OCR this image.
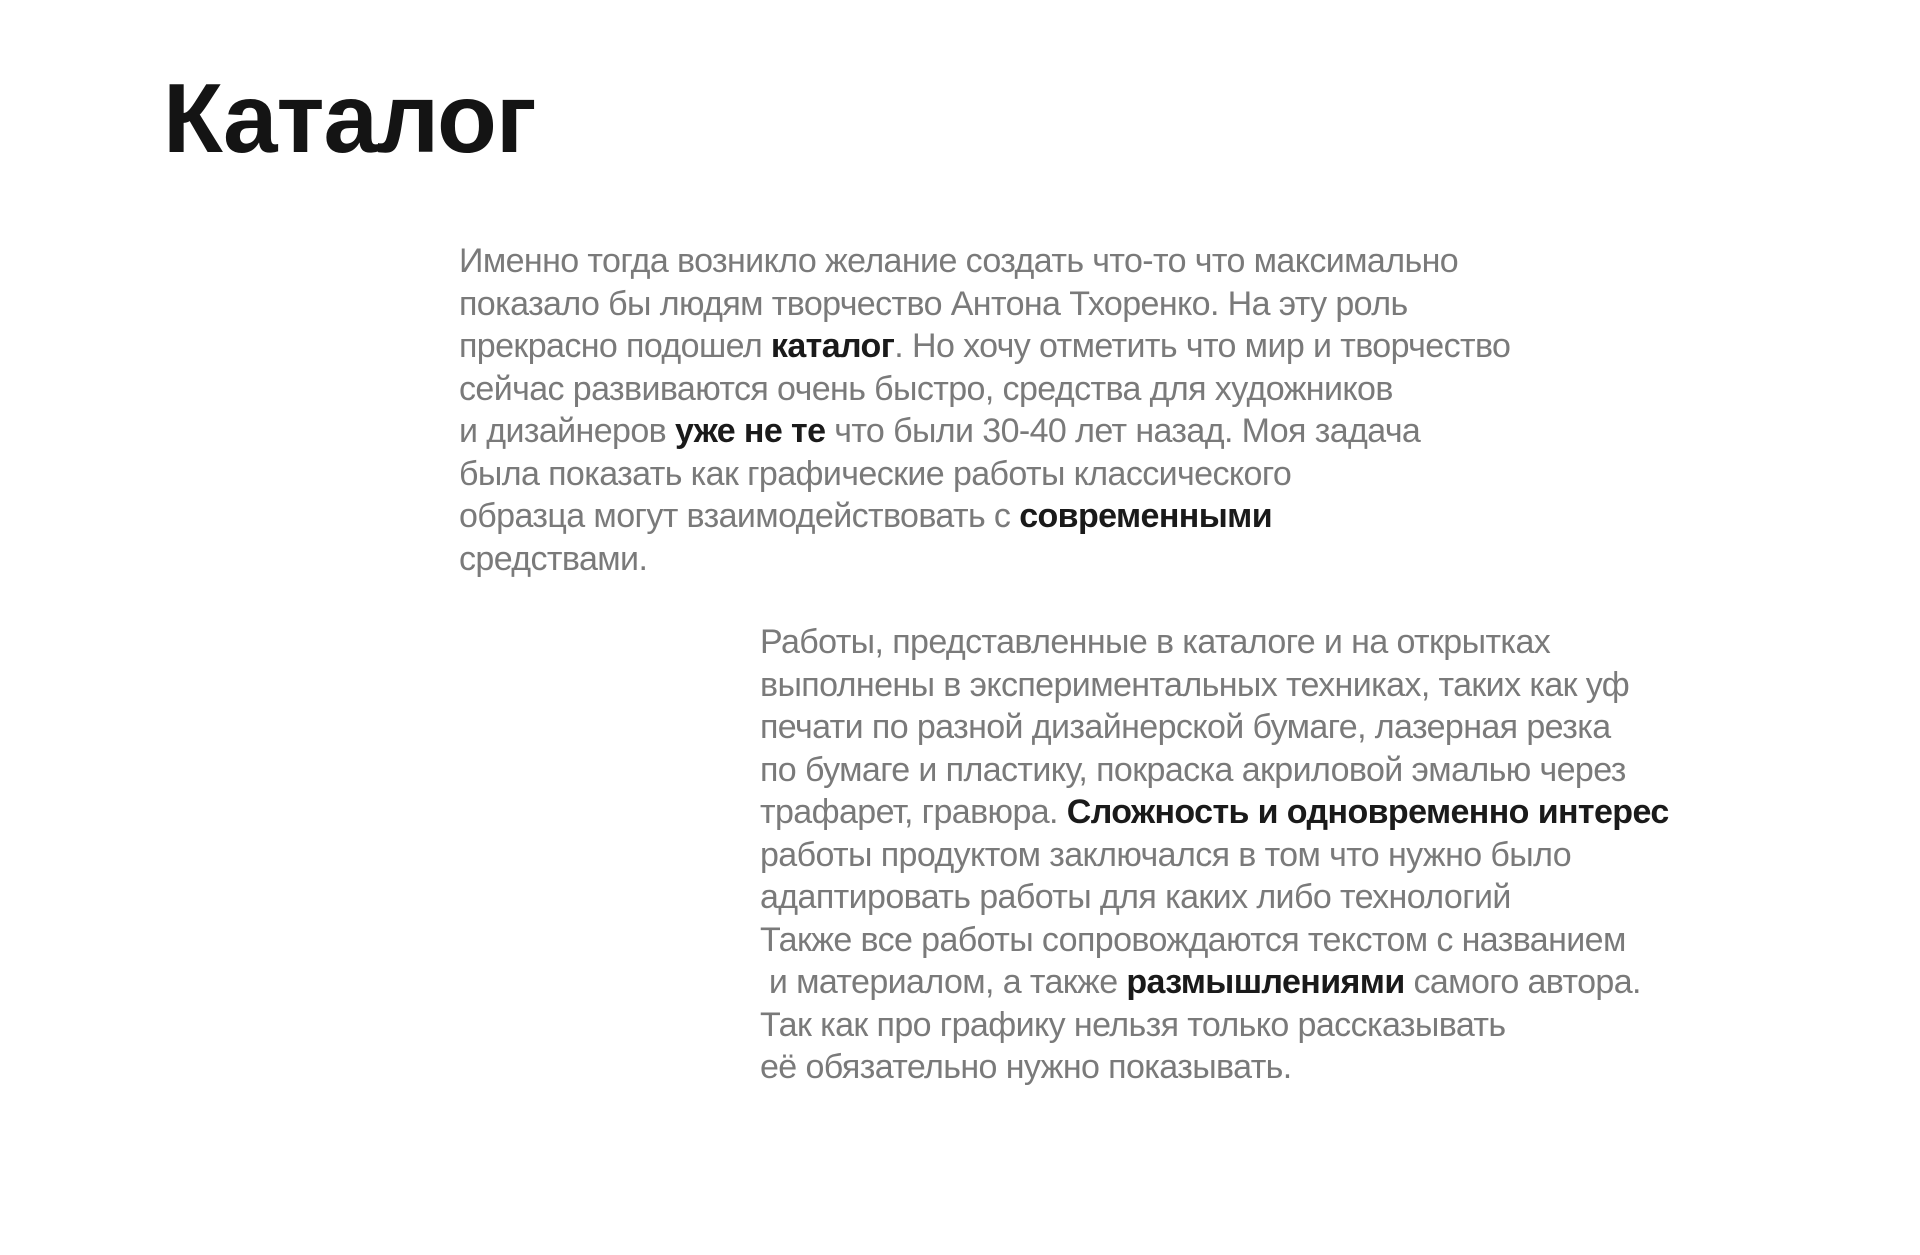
Каталог

Именно тогда возникло желание создать что-то что максимально
показало бы людям творчество Антона Тхоренко. На эту роль
прекрасно подошел каталог. Но хочу отметить что мир и творчество
сейчас развиваются очень быстро, средства для художников
и дизайнеров уже не те что были 30-40 лет назад. Моя задача
была показать как графические работы классического
образца могут взаимодействовать с современными
средствами.

Работы, представленные в каталоге и на открытках
выполнены в экспериментальных техниках, таких как уф
печати по разной дизайнерской бумаге, лазерная резка
по бумаге и пластику, покраска акриловой эмалью через
трафарет, гравюра. Сложность и одновременно интерес
работы продуктом заключался в том что нужно было
адаптировать работы для каких либо технологий
Также все работы сопровождаются текстом с названием
и материалом, а также размышлениями самого автора.
Так как про графику нельзя только рассказывать
её обязательно нужно показывать.
